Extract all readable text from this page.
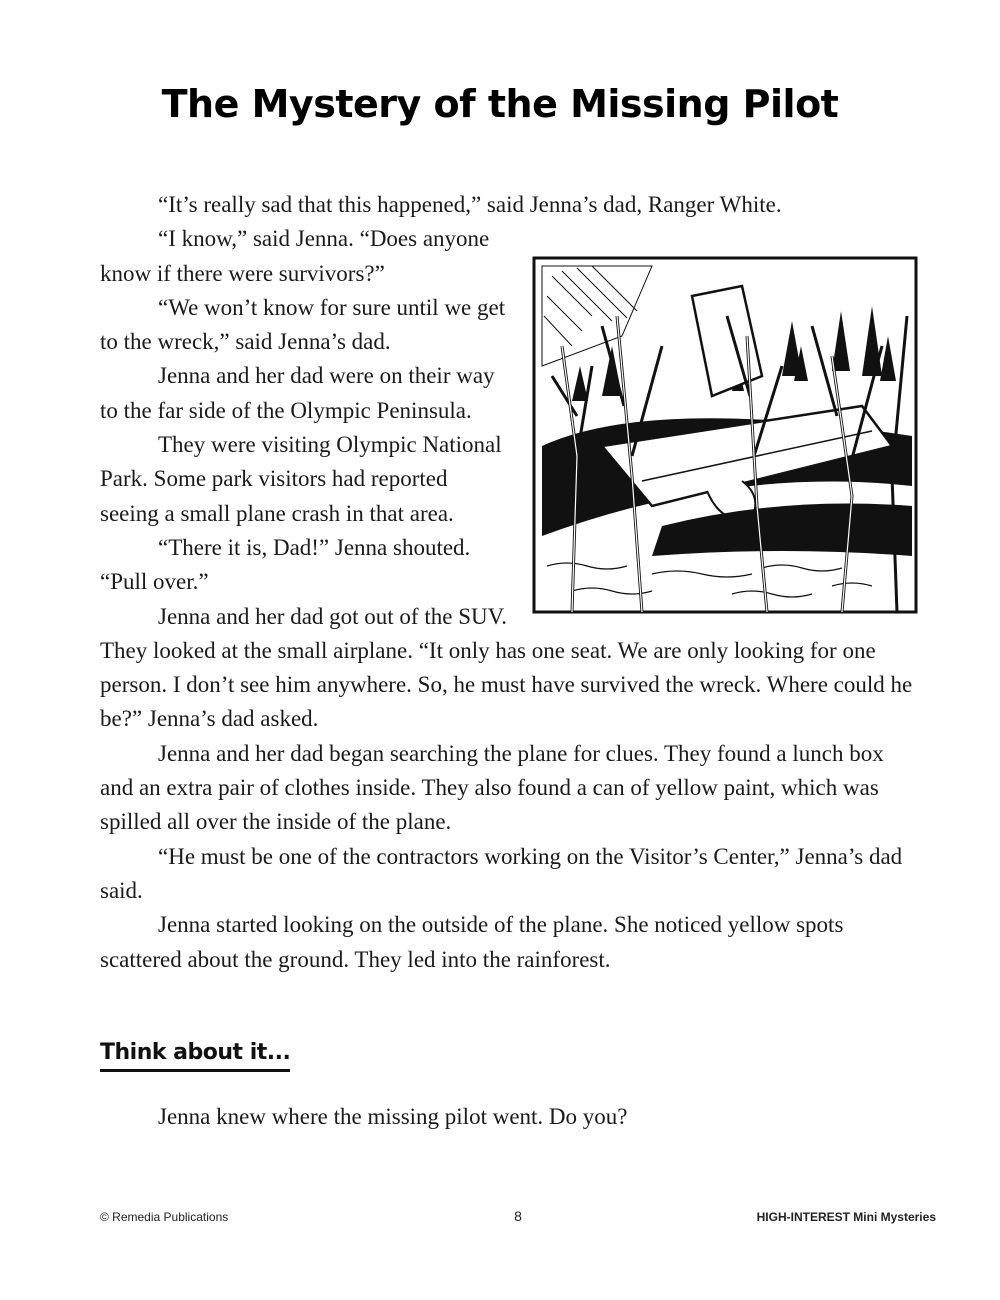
The Mystery of the Missing Pilot

“It’s really sad that this happened,” said Jenna’s dad, Ranger White.

“I know,” said Jenna. “Does anyone know if there were survivors?”

“We won’t know for sure until we get to the wreck,” said Jenna’s dad.

Jenna and her dad were on their way to the far side of the Olympic Peninsula.

They were visiting Olympic National Park. Some park visitors had reported seeing a small plane crash in that area.

“There it is, Dad!” Jenna shouted. “Pull over.”

Jenna and her dad got out of the SUV. They looked at the small airplane. “It only has one seat. We are only looking for one person. I don’t see him anywhere. So, he must have survived the wreck. Where could he be?” Jenna’s dad asked.

Jenna and her dad began searching the plane for clues. They found a lunch box and an extra pair of clothes inside. They also found a can of yellow paint, which was spilled all over the inside of the plane.

“He must be one of the contractors working on the Visitor’s Center,” Jenna’s dad said.

Jenna started looking on the outside of the plane. She noticed yellow spots scattered about the ground. They led into the rainforest.

Think about it...

Jenna knew where the missing pilot went. Do you?

© Remedia Publications	8	HIGH-INTEREST Mini Mysteries
